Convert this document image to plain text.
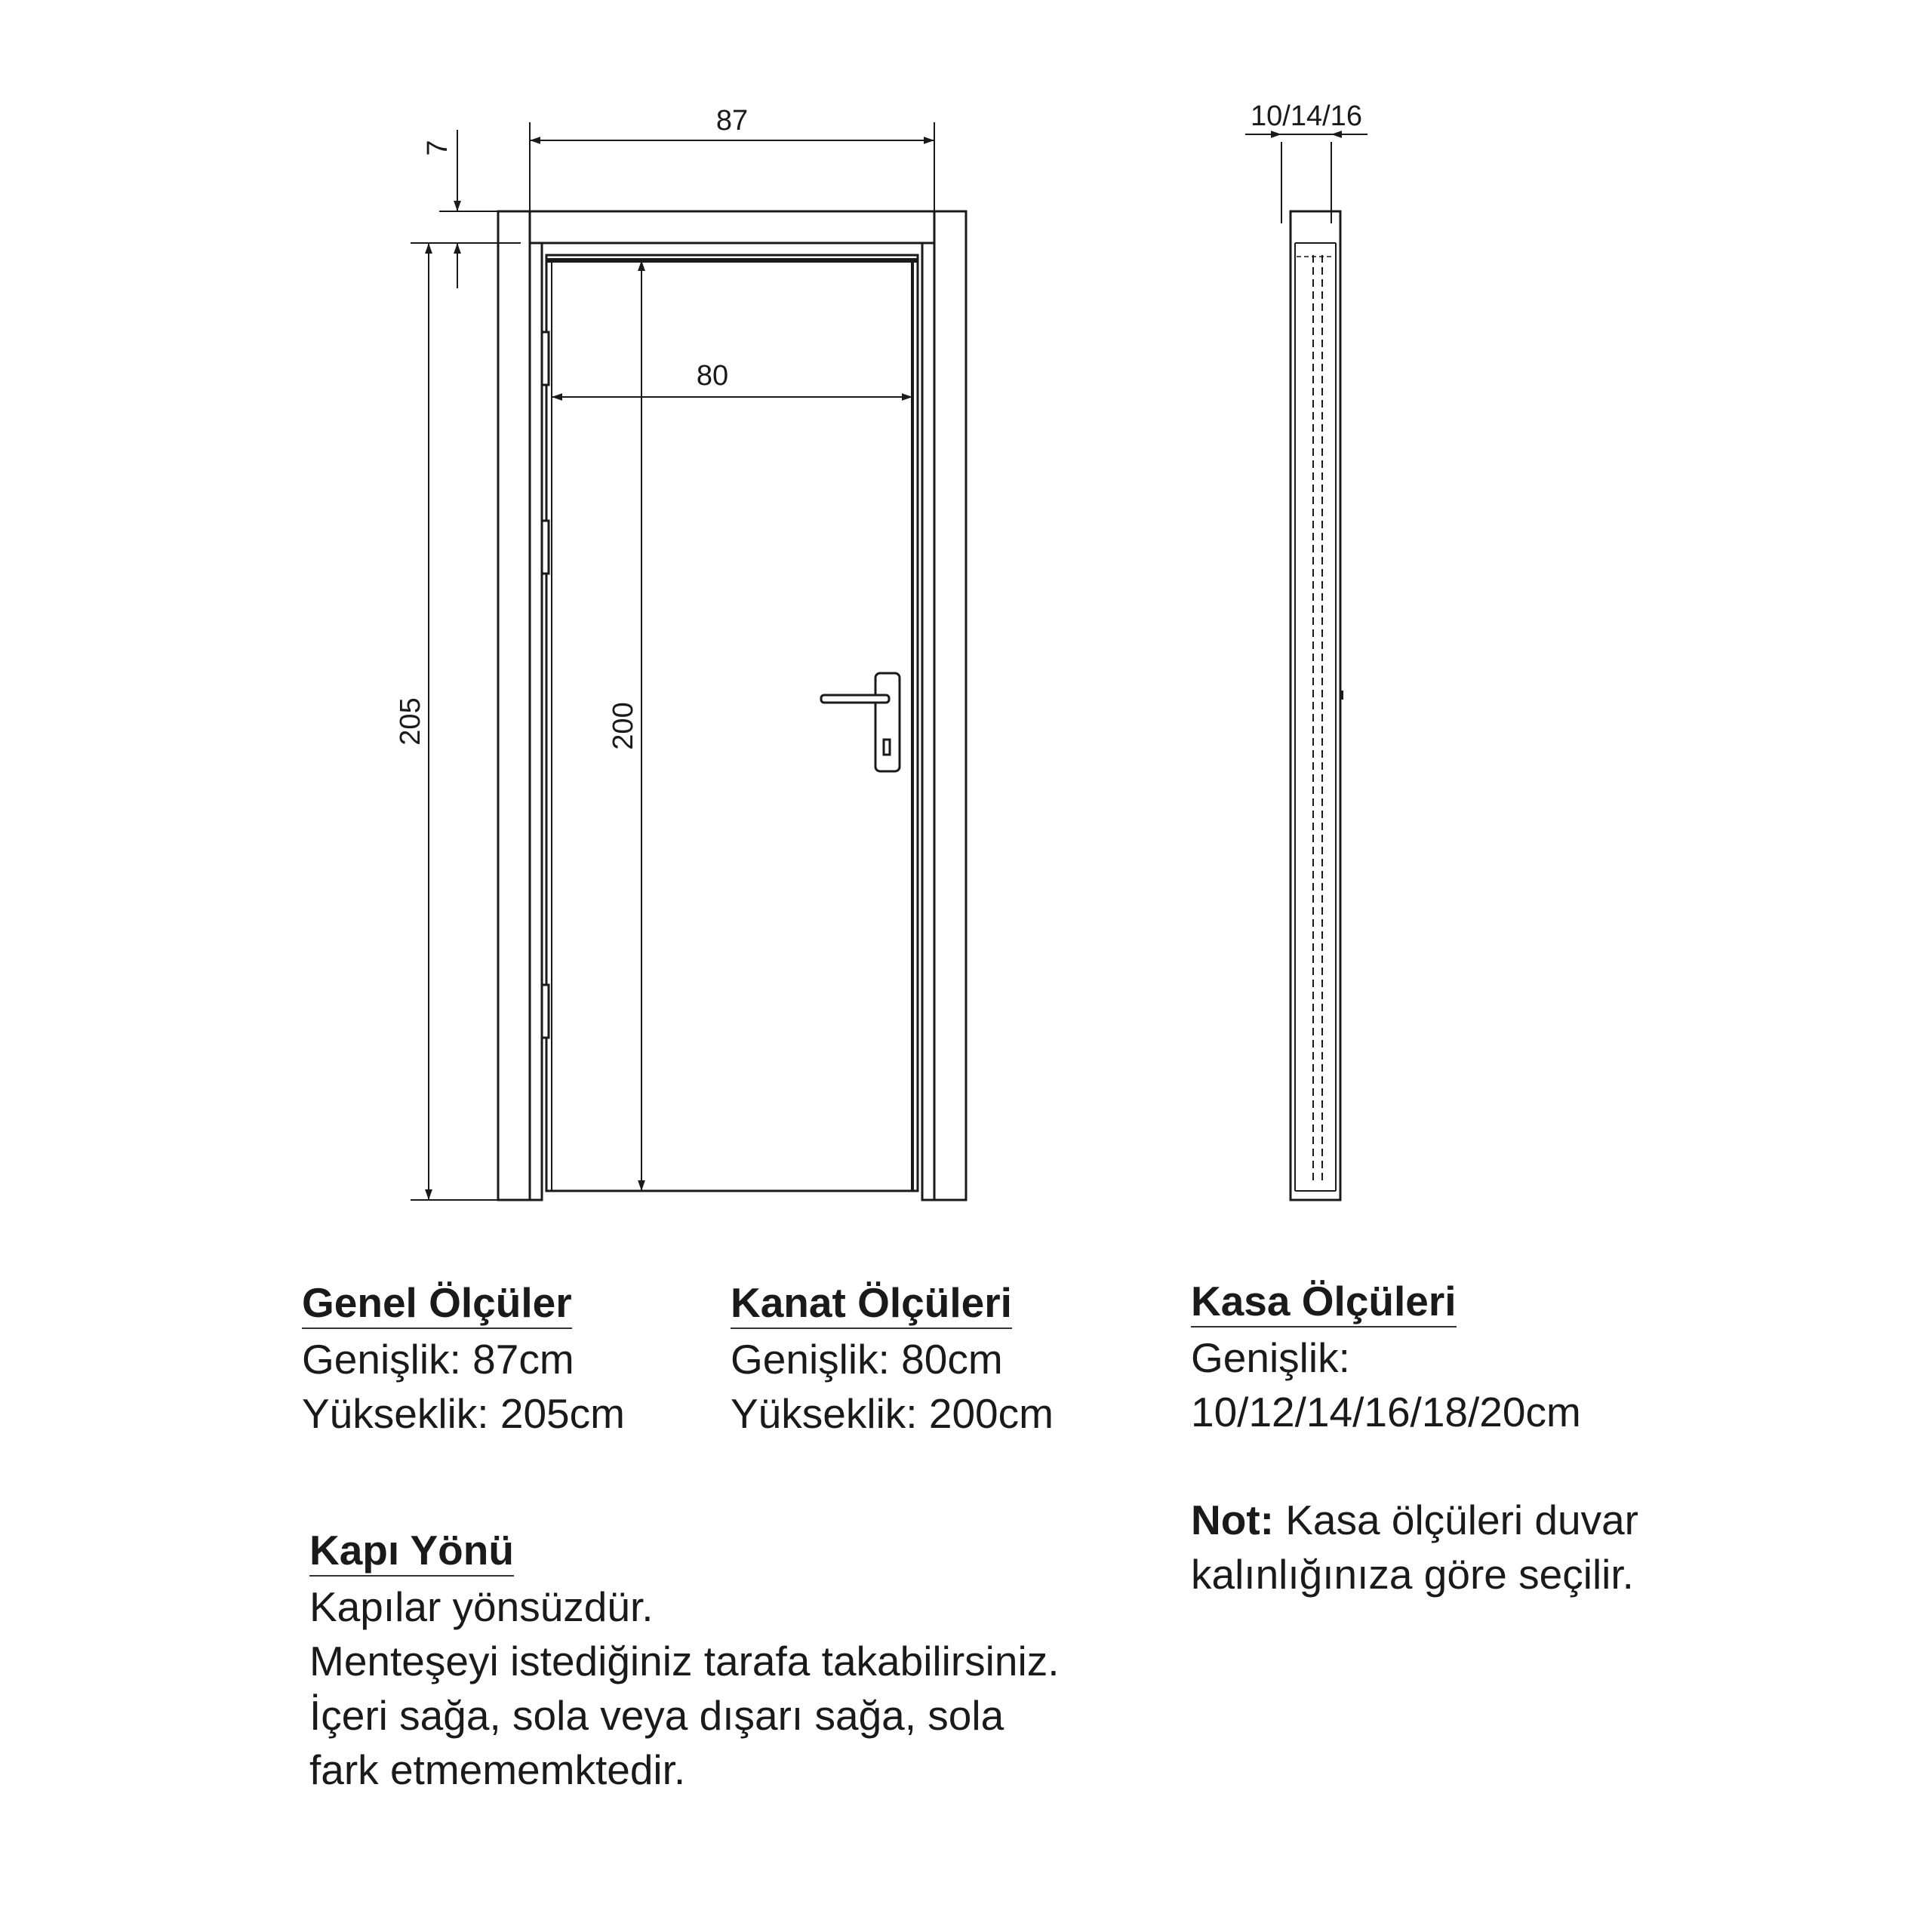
87
7
205	200
80
10/14/16
Genel Ölçüler
Genişlik: 87cm
Yükseklik: 205cm
Kanat Ölçüleri
Genişlik: 80cm
Yükseklik: 200cm
Kasa Ölçüleri
Genişlik:
10/12/14/16/18/20cm
Not: Kasa ölçüleri duvar
kalınlığınıza göre seçilir.
Kapı Yönü
Kapılar yönsüzdür.
Menteşeyi istediğiniz tarafa takabilirsiniz.
İçeri sağa, sola veya dışarı sağa, sola
fark etmememktedir.
